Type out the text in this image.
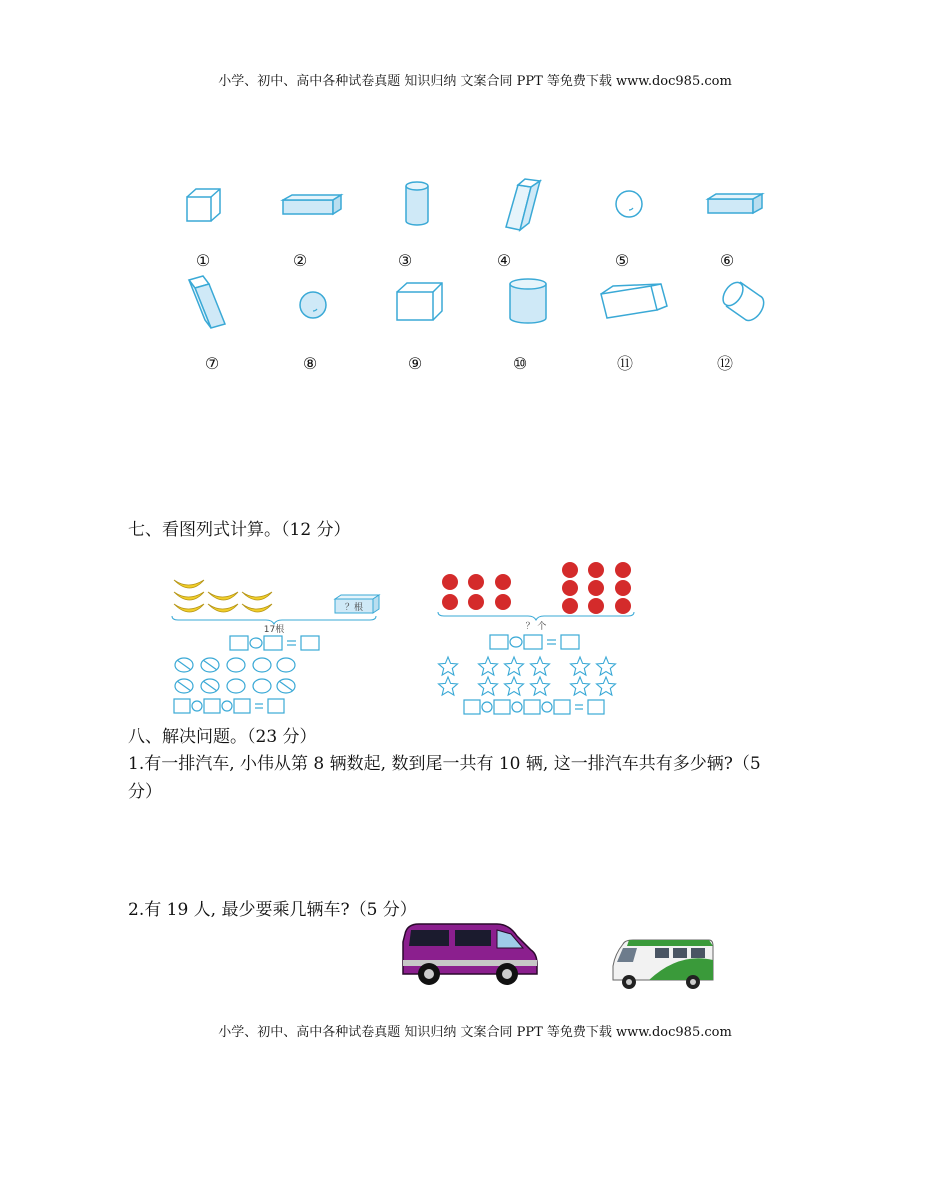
小学、初中、高中各种试卷真题 知识归纳 文案合同 PPT 等免费下载 www.doc985.com
①	②	③	④	⑤	⑥
⑦	⑧	⑨	⑩	⑪	⑫
七、看图列式计算。（12 分）
？根
17根	？ 个
八、解决问题。（23 分）
1.有一排汽车, 小伟从第 8 辆数起, 数到尾一共有 10 辆, 这一排汽车共有多少辆?（5
分）
2.有 19 人, 最少要乘几辆车?（5 分）
小学、初中、高中各种试卷真题 知识归纳 文案合同 PPT 等免费下载 www.doc985.com
